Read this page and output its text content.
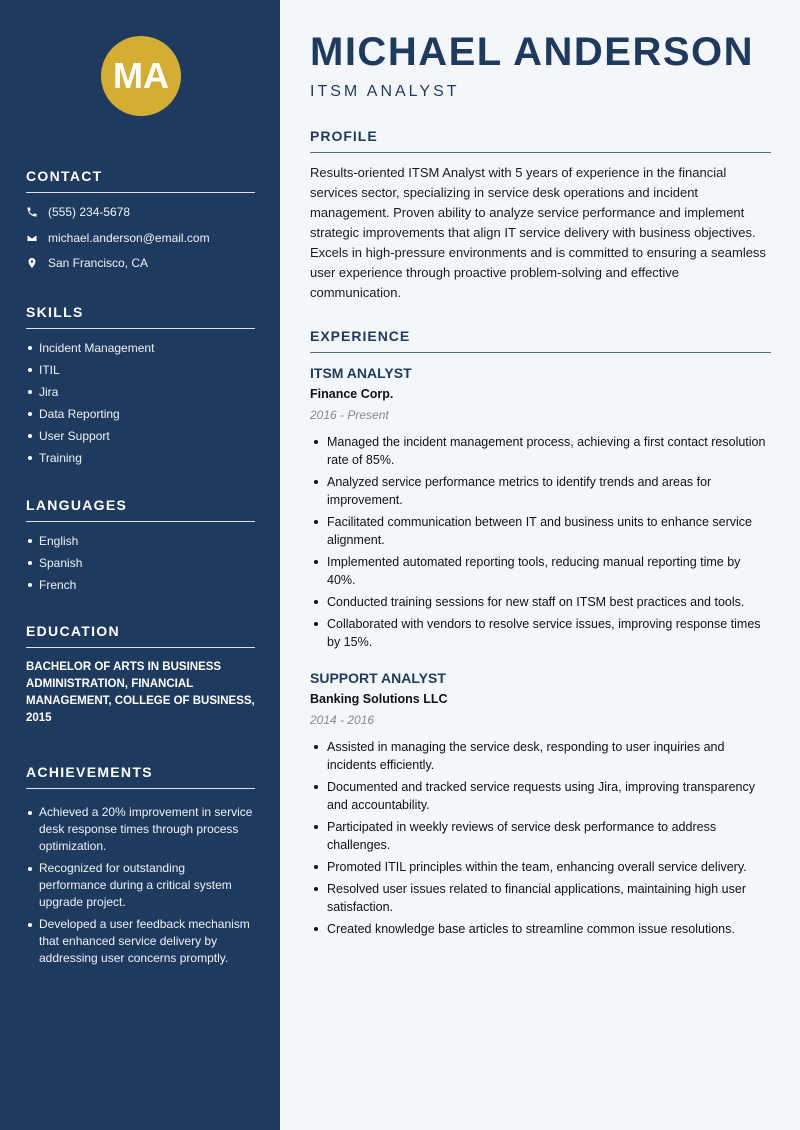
MA
CONTACT
(555) 234-5678
michael.anderson@email.com
San Francisco, CA
SKILLS
Incident Management
ITIL
Jira
Data Reporting
User Support
Training
LANGUAGES
English
Spanish
French
EDUCATION
BACHELOR OF ARTS IN BUSINESS ADMINISTRATION, FINANCIAL MANAGEMENT, COLLEGE OF BUSINESS, 2015
ACHIEVEMENTS
Achieved a 20% improvement in service desk response times through process optimization.
Recognized for outstanding performance during a critical system upgrade project.
Developed a user feedback mechanism that enhanced service delivery by addressing user concerns promptly.
MICHAEL ANDERSON
ITSM ANALYST
PROFILE
Results-oriented ITSM Analyst with 5 years of experience in the financial services sector, specializing in service desk operations and incident management. Proven ability to analyze service performance and implement strategic improvements that align IT service delivery with business objectives. Excels in high-pressure environments and is committed to ensuring a seamless user experience through proactive problem-solving and effective communication.
EXPERIENCE
ITSM ANALYST
Finance Corp.
2016 - Present
Managed the incident management process, achieving a first contact resolution rate of 85%.
Analyzed service performance metrics to identify trends and areas for improvement.
Facilitated communication between IT and business units to enhance service alignment.
Implemented automated reporting tools, reducing manual reporting time by 40%.
Conducted training sessions for new staff on ITSM best practices and tools.
Collaborated with vendors to resolve service issues, improving response times by 15%.
SUPPORT ANALYST
Banking Solutions LLC
2014 - 2016
Assisted in managing the service desk, responding to user inquiries and incidents efficiently.
Documented and tracked service requests using Jira, improving transparency and accountability.
Participated in weekly reviews of service desk performance to address challenges.
Promoted ITIL principles within the team, enhancing overall service delivery.
Resolved user issues related to financial applications, maintaining high user satisfaction.
Created knowledge base articles to streamline common issue resolutions.
